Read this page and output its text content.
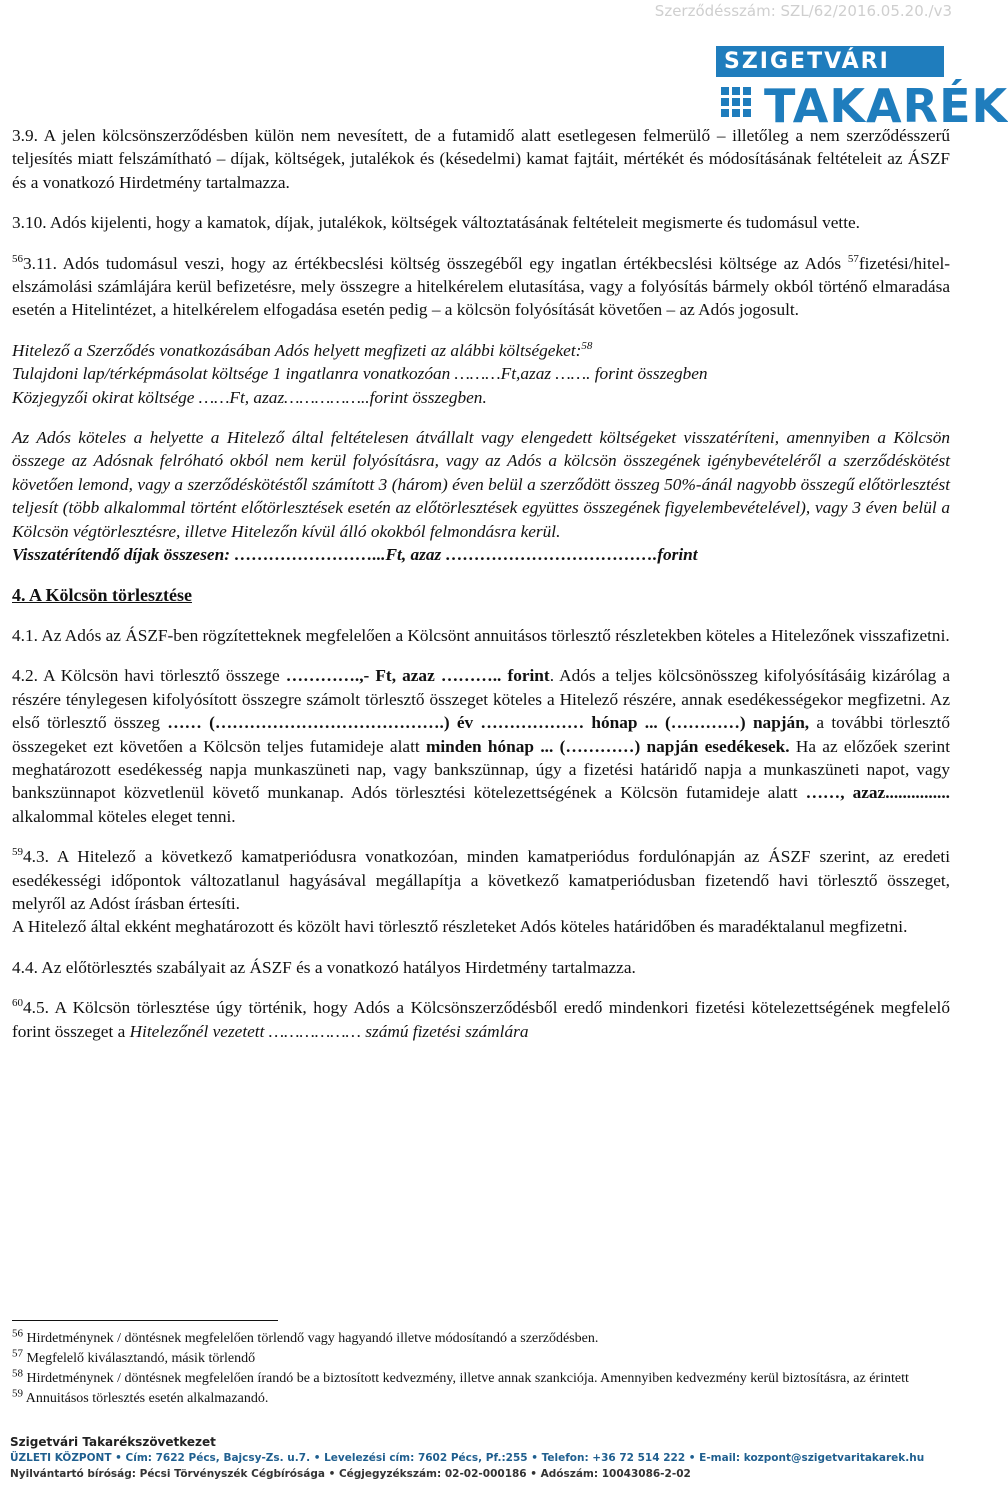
Szerződésszám: SZL/62/2016.05.20./v3
SZIGETVÁRI
TAKARÉK

3.9. A jelen kölcsönszerződésben külön nem nevesített, de a futamidő alatt esetlegesen felmerülő – illetőleg a nem szerződésszerű teljesítés miatt felszámítható – díjak, költségek, jutalékok és (késedelmi) kamat fajtáit, mértékét és módosításának feltételeit az ÁSZF és a vonatkozó Hirdetmény tartalmazza.

3.10. Adós kijelenti, hogy a kamatok, díjak, jutalékok, költségek változtatásának feltételeit megismerte és tudomásul vette.

$^{56}$3.11. Adós tudomásul veszi, hogy az értékbecslési költség összegéből egy ingatlan értékbecslési költsége az Adós $^{57}$fizetési/hitel-elszámolási számlájára kerül befizetésre, mely összegre a hitelkérelem elutasítása, vagy a folyósítás bármely okból történő elmaradása esetén a Hitelintézet, a hitelkérelem elfogadása esetén pedig – a kölcsön folyósítását követően – az Adós jogosult.

Hitelező a Szerződés vonatkozásában Adós helyett megfizeti az alábbi költségeket:$^{58}$

Tulajdoni lap/térképmásolat költsége 1 ingatlanra vonatkozóan ………Ft,azaz ……. forint összegben

Közjegyzői okirat költsége ……Ft, azaz……………..forint összegben.

Az Adós köteles a helyette a Hitelező által feltételesen átvállalt vagy elengedett költségeket visszatéríteni, amennyiben a Kölcsön összege az Adósnak felróható okból nem kerül folyósításra, vagy az Adós a kölcsön összegének igénybevételéről a szerződéskötést követően lemond, vagy a szerződéskötéstől számított 3 (három) éven belül a szerződött összeg 50%-ánál nagyobb összegű előtörlesztést teljesít (több alkalommal történt előtörlesztések esetén az előtörlesztések együttes összegének figyelembevételével), vagy 3 éven belül a Kölcsön végtörlesztésre, illetve Hitelezőn kívül álló okokból felmondásra kerül.

Visszatérítendő díjak összesen: ……………………...Ft, azaz ……………………………….forint

4. A Kölcsön törlesztése

4.1. Az Adós az ÁSZF-ben rögzítetteknek megfelelően a Kölcsönt annuitásos törlesztő részletekben köteles a Hitelezőnek visszafizetni.

4.2. A Kölcsön havi törlesztő összege ………….,- Ft, azaz ……….. forint. Adós a teljes kölcsönösszeg kifolyósításáig kizárólag a részére ténylegesen kifolyósított összegre számolt törlesztő összeget köteles a Hitelező részére, annak esedékességekor megfizetni. Az első törlesztő összeg …… (………………………………….) év ……………… hónap ... (…………) napján, a további törlesztő összegeket ezt követően a Kölcsön teljes futamideje alatt minden hónap ... (…………) napján esedékesek. Ha az előzőek szerint meghatározott esedékesség napja munkaszüneti nap, vagy bankszünnap, úgy a fizetési határidő napja a munkaszüneti napot, vagy bankszünnapot közvetlenül követő munkanap. Adós törlesztési kötelezettségének a Kölcsön futamideje alatt ……, azaz............... alkalommal köteles eleget tenni.

$^{59}$4.3. A Hitelező a következő kamatperiódusra vonatkozóan, minden kamatperiódus fordulónapján az ÁSZF szerint, az eredeti esedékességi időpontok változatlanul hagyásával megállapítja a következő kamatperiódusban fizetendő havi törlesztő összeget, melyről az Adóst írásban értesíti.

A Hitelező által ekként meghatározott és közölt havi törlesztő részleteket Adós köteles határidőben és maradéktalanul megfizetni.

4.4. Az előtörlesztés szabályait az ÁSZF és a vonatkozó hatályos Hirdetmény tartalmazza.

$^{60}$4.5. A Kölcsön törlesztése úgy történik, hogy Adós a Kölcsönszerződésből eredő mindenkori fizetési kötelezettségének megfelelő forint összeget a Hitelezőnél vezetett ……………… számú fizetési számlára

$^{56}$ Hirdetménynek / döntésnek megfelelően törlendő vagy hagyandó illetve módosítandó a szerződésben.

$^{57}$ Megfelelő kiválasztandó, másik törlendő

$^{58}$ Hirdetménynek / döntésnek megfelelően írandó be a biztosított kedvezmény, illetve annak szankciója. Amennyiben kedvezmény kerül biztosításra, az érintett

$^{59}$ Annuitásos törlesztés esetén alkalmazandó.

Szigetvári Takarékszövetkezet
ÜZLETI KÖZPONT • Cím: 7622 Pécs, Bajcsy-Zs. u.7. • Levelezési cím: 7602 Pécs, Pf.:255 • Telefon: +36 72 514 222 • E-mail: kozpont@szigetvaritakarek.hu
Nyilvántartó bíróság: Pécsi Törvényszék Cégbírósága • Cégjegyzékszám: 02-02-000186 • Adószám: 10043086-2-02
